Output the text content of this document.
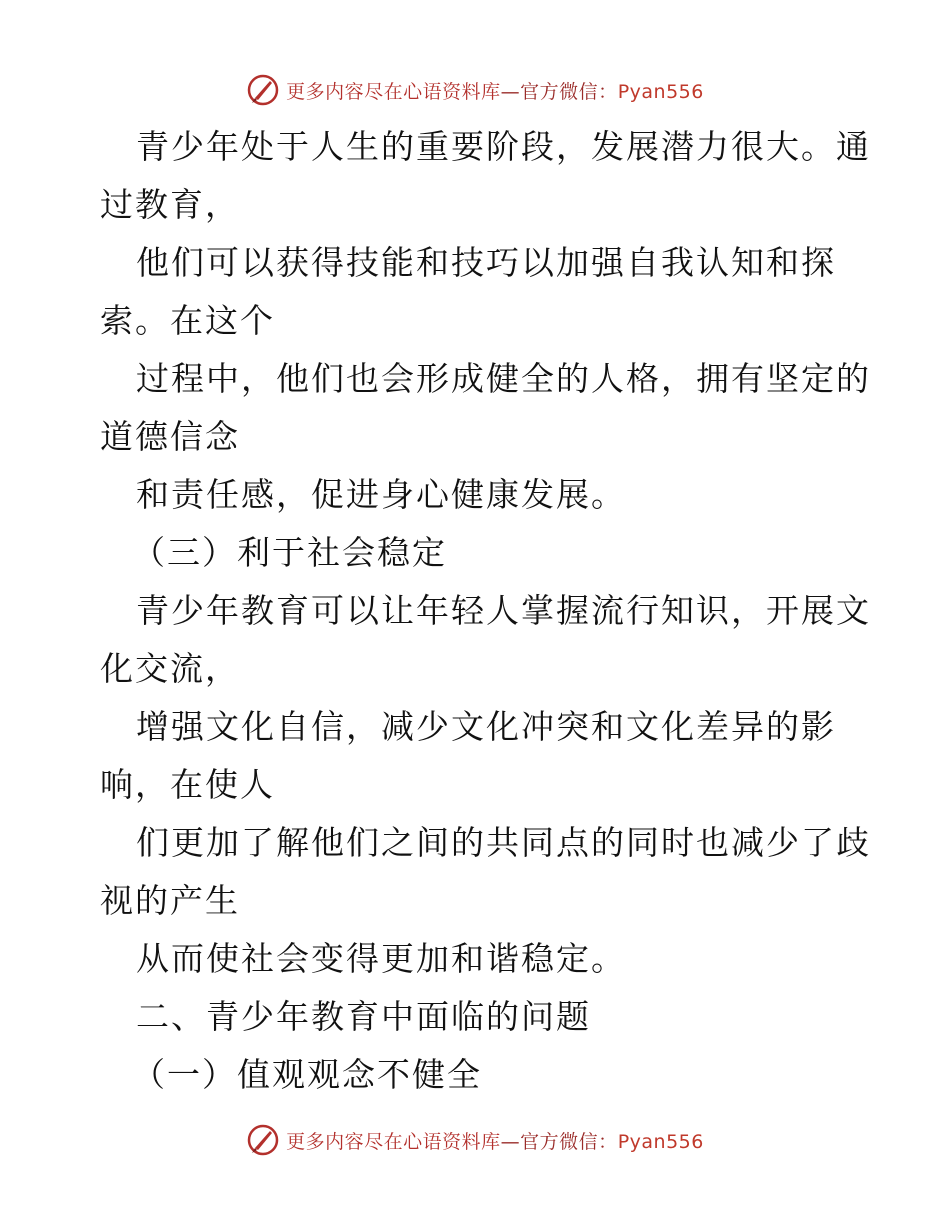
更多内容尽在心语资料库—官方微信：Pyan556
青少年处于人生的重要阶段，发展潜力很大。通
过教育，
他们可以获得技能和技巧以加强自我认知和探
索。在这个
过程中，他们也会形成健全的人格，拥有坚定的
道德信念
和责任感，促进身心健康发展。
（三）利于社会稳定
青少年教育可以让年轻人掌握流行知识，开展文
化交流，
增强文化自信，减少文化冲突和文化差异的影
响，在使人
们更加了解他们之间的共同点的同时也减少了歧
视的产生
从而使社会变得更加和谐稳定。
二、青少年教育中面临的问题
（一）值观观念不健全
更多内容尽在心语资料库—官方微信：Pyan556
